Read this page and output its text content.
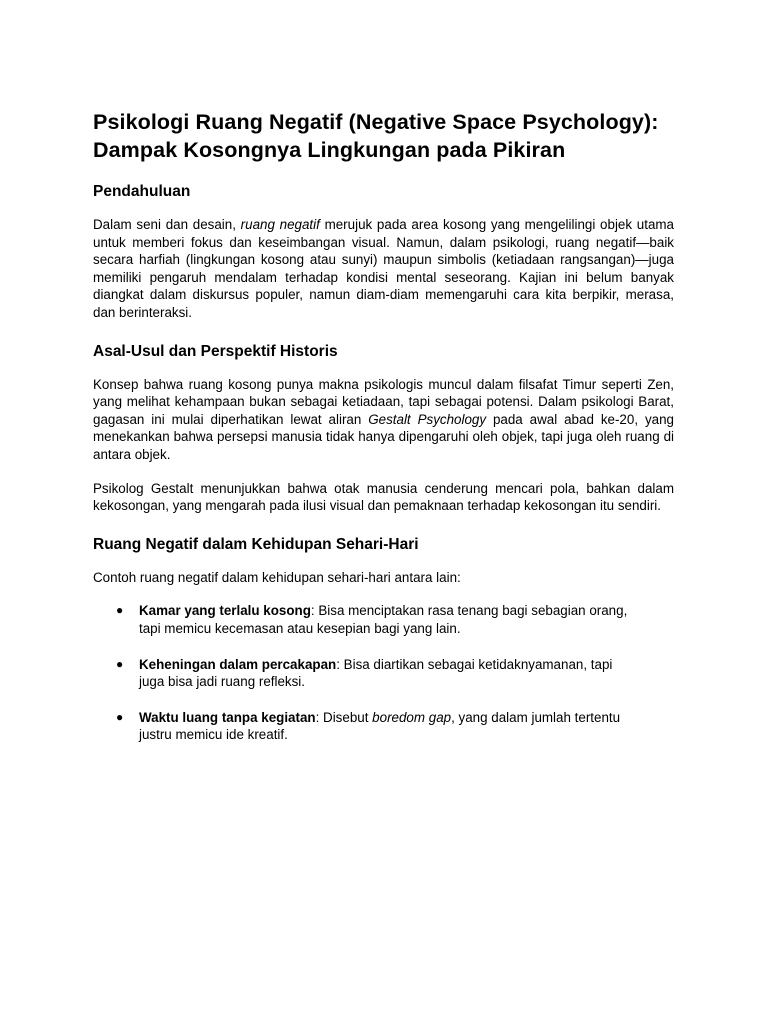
Psikologi Ruang Negatif (Negative Space Psychology):
Dampak Kosongnya Lingkungan pada Pikiran
Pendahuluan

Dalam seni dan desain, ruang negatif merujuk pada area kosong yang mengelilingi objek utama untuk memberi fokus dan keseimbangan visual. Namun, dalam psikologi, ruang negatif—baik secara harfiah (lingkungan kosong atau sunyi) maupun simbolis (ketiadaan rangsangan)—juga memiliki pengaruh mendalam terhadap kondisi mental seseorang. Kajian ini belum banyak diangkat dalam diskursus populer, namun diam-diam memengaruhi cara kita berpikir, merasa, dan berinteraksi.

Asal-Usul dan Perspektif Historis

Konsep bahwa ruang kosong punya makna psikologis muncul dalam filsafat Timur seperti Zen, yang melihat kehampaan bukan sebagai ketiadaan, tapi sebagai potensi. Dalam psikologi Barat, gagasan ini mulai diperhatikan lewat aliran Gestalt Psychology pada awal abad ke-20, yang menekankan bahwa persepsi manusia tidak hanya dipengaruhi oleh objek, tapi juga oleh ruang di antara objek.

Psikolog Gestalt menunjukkan bahwa otak manusia cenderung mencari pola, bahkan dalam kekosongan, yang mengarah pada ilusi visual dan pemaknaan terhadap kekosongan itu sendiri.

Ruang Negatif dalam Kehidupan Sehari-Hari

Contoh ruang negatif dalam kehidupan sehari-hari antara lain:

● Kamar yang terlalu kosong: Bisa menciptakan rasa tenang bagi sebagian orang, tapi memicu kecemasan atau kesepian bagi yang lain.
● Keheningan dalam percakapan: Bisa diartikan sebagai ketidaknyamanan, tapi juga bisa jadi ruang refleksi.
● Waktu luang tanpa kegiatan: Disebut boredom gap, yang dalam jumlah tertentu justru memicu ide kreatif.
